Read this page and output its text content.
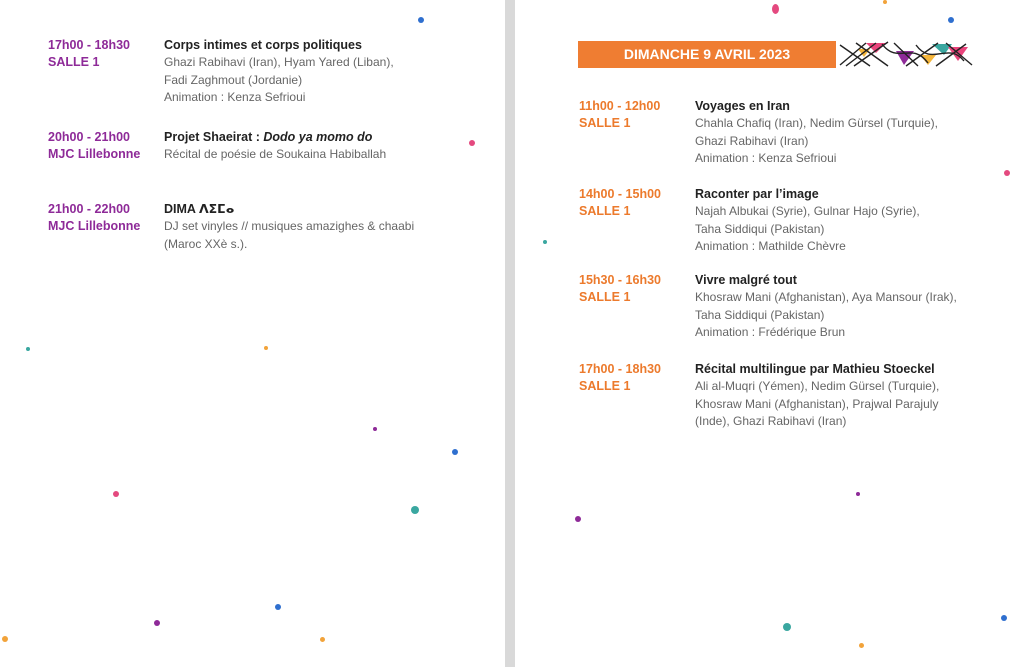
17h00 - 18h30
SALLE 1
Corps intimes et corps politiques
Ghazi Rabihavi (Iran), Hyam Yared (Liban),
Fadi Zaghmout (Jordanie)
Animation : Kenza Sefrioui
20h00 - 21h00
MJC Lillebonne
Projet Shaeirat : Dodo ya momo do
Récital de poésie de Soukaina Habiballah
21h00 - 22h00
MJC Lillebonne
DIMA ⴷⵉⵎⴰ
DJ set vinyles // musiques amazighes & chaabi
(Maroc XXè s.).
DIMANCHE 9 AVRIL 2023
11h00 - 12h00
SALLE 1
Voyages en Iran
Chahla Chafiq (Iran), Nedim Gürsel (Turquie),
Ghazi Rabihavi (Iran)
Animation : Kenza Sefrioui
14h00 - 15h00
SALLE 1
Raconter par l’image
Najah Albukai (Syrie), Gulnar Hajo (Syrie),
Taha Siddiqui (Pakistan)
Animation : Mathilde Chèvre
15h30 - 16h30
SALLE 1
Vivre malgré tout
Khosraw Mani (Afghanistan), Aya Mansour (Irak),
Taha Siddiqui (Pakistan)
Animation : Frédérique Brun
17h00 - 18h30
SALLE 1
Récital multilingue par Mathieu Stoeckel
Ali al-Muqri (Yémen), Nedim Gürsel (Turquie),
Khosraw Mani (Afghanistan), Prajwal Parajuly
(Inde), Ghazi Rabihavi (Iran)
